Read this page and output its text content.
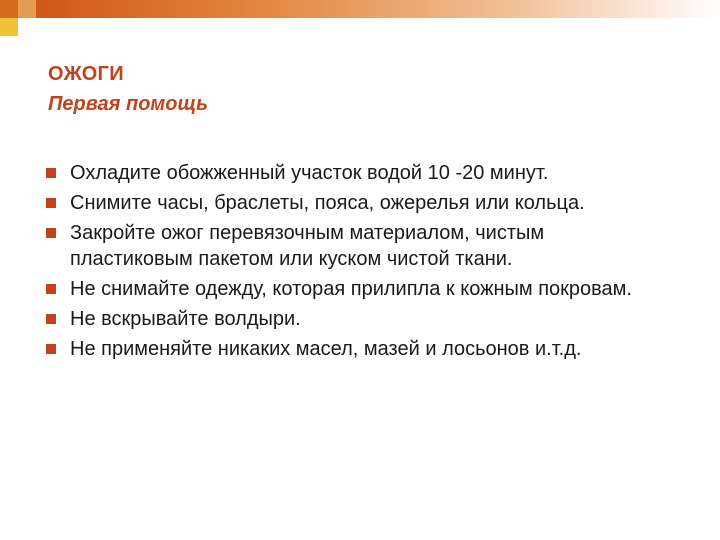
ОЖОГИ
Первая помощь
Охладите обожженный участок водой 10 -20 минут.
Снимите часы, браслеты, пояса, ожерелья или кольца.
Закройте ожог перевязочным материалом, чистым пластиковым пакетом или куском чистой ткани.
Не снимайте одежду, которая прилипла к кожным покровам.
Не вскрывайте волдыри.
Не применяйте никаких масел, мазей и лосьонов и.т.д.
